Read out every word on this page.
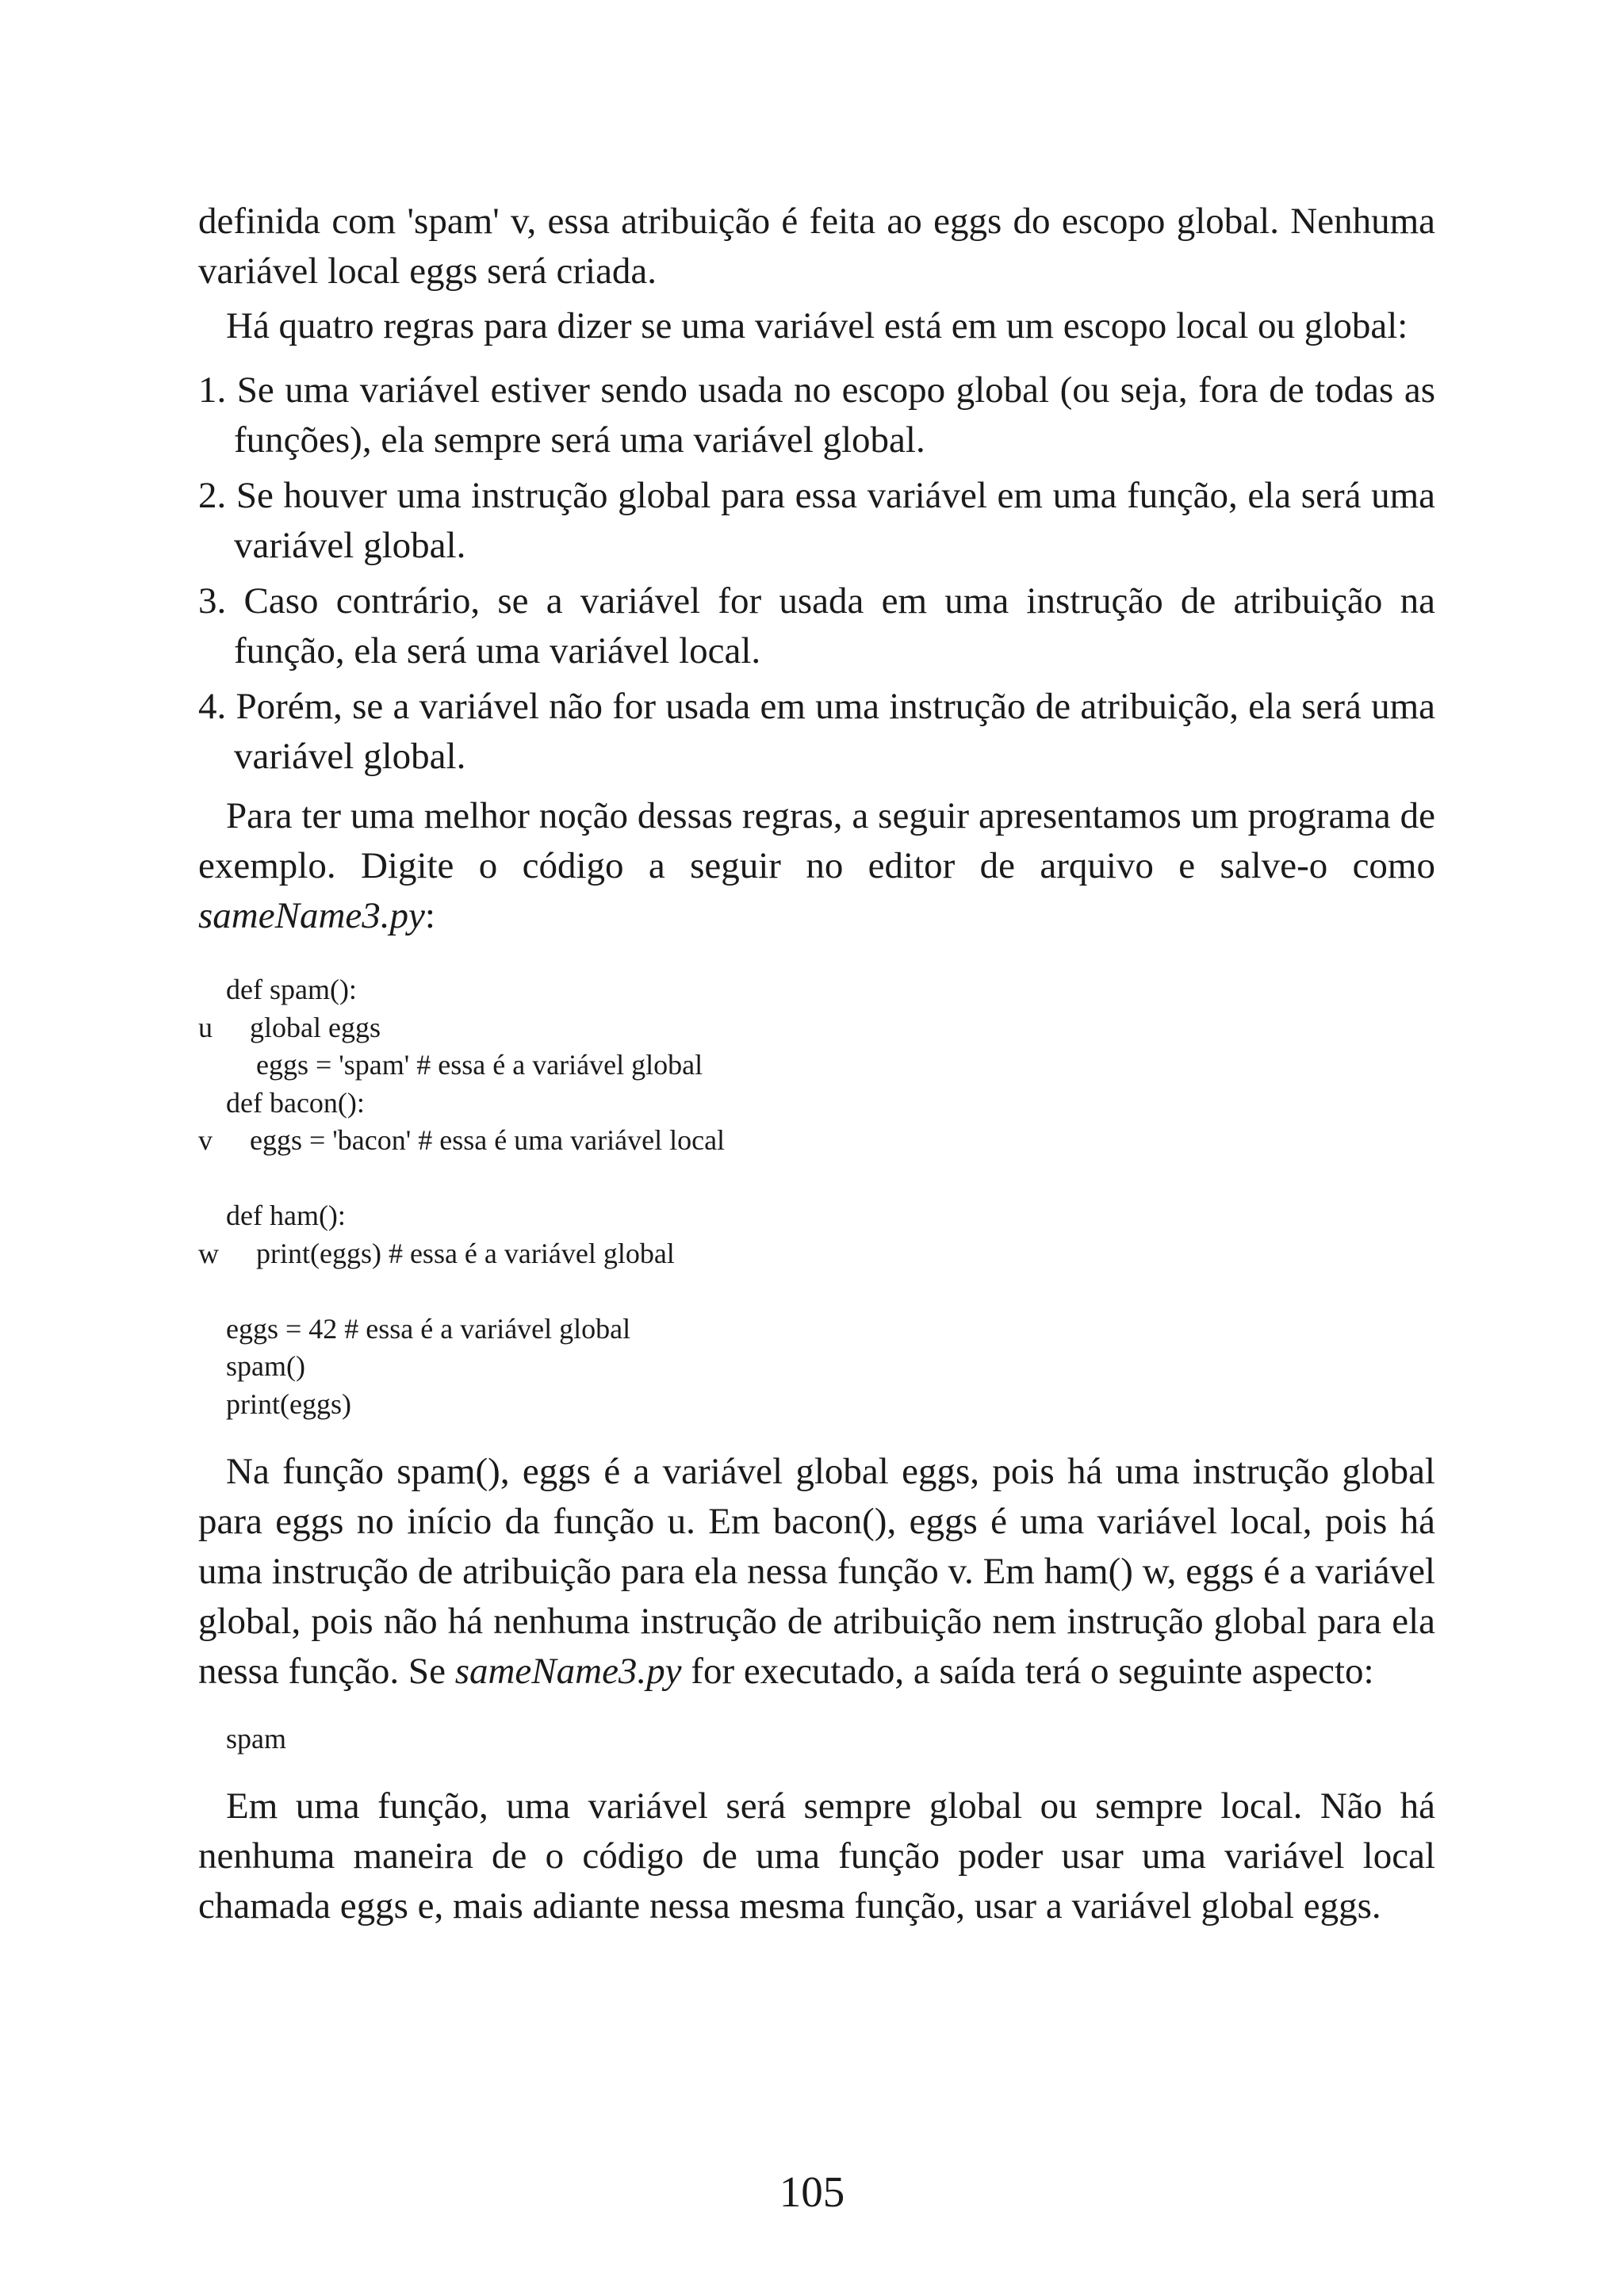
definida com 'spam' v, essa atribuição é feita ao eggs do escopo global. Nenhuma variável local eggs será criada.

Há quatro regras para dizer se uma variável está em um escopo local ou global:

1. Se uma variável estiver sendo usada no escopo global (ou seja, fora de todas as funções), ela sempre será uma variável global.
2. Se houver uma instrução global para essa variável em uma função, ela será uma variável global.
3. Caso contrário, se a variável for usada em uma instrução de atribuição na função, ela será uma variável local.
4. Porém, se a variável não for usada em uma instrução de atribuição, ela será uma variável global.

Para ter uma melhor noção dessas regras, a seguir apresentamos um programa de exemplo. Digite o código a seguir no editor de arquivo e salve-o como sameName3.py:

def spam():

u

global eggs

eggs = 'spam' # essa é a variável global

def bacon():

v

eggs = 'bacon' # essa é uma variável local

def ham():

w

print(eggs) # essa é a variável global

eggs = 42 # essa é a variável global

spam()

print(eggs)

Na função spam(), eggs é a variável global eggs, pois há uma instrução global para eggs no início da função u. Em bacon(), eggs é uma variável local, pois há uma instrução de atribuição para ela nessa função v. Em ham() w, eggs é a variável global, pois não há nenhuma instrução de atribuição nem instrução global para ela nessa função. Se sameName3.py for executado, a saída terá o seguinte aspecto:

spam

Em uma função, uma variável será sempre global ou sempre local. Não há nenhuma maneira de o código de uma função poder usar uma variável local chamada eggs e, mais adiante nessa mesma função, usar a variável global eggs.

105
